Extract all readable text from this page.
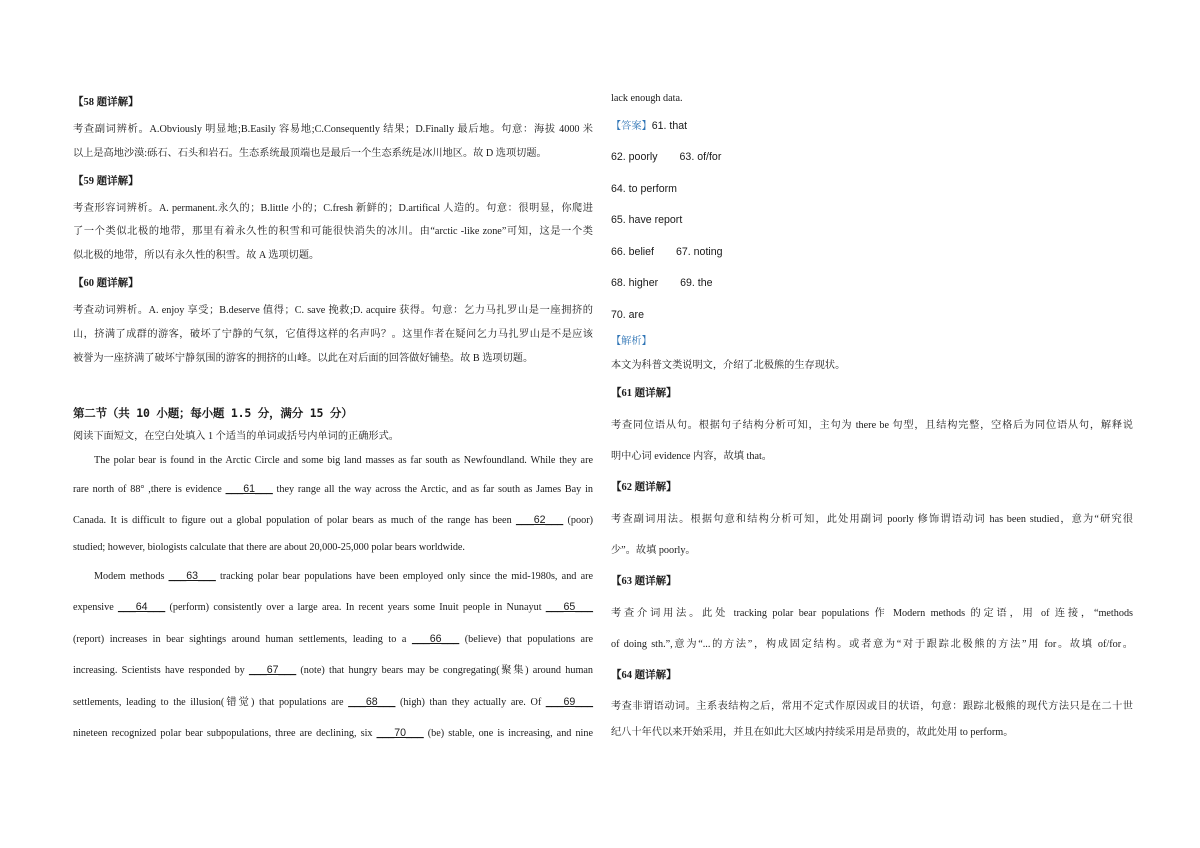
【58 题详解】
考查副词辨析。A.Obviously 明显地;B.Easily 容易地;C.Consequently 结果；D.Finally 最后地。句意：海拔 4000 米
以上是高地沙漠:砾石、石头和岩石。生态系统最顶端也是最后一个生态系统是冰川地区。故 D 选项切题。
【59 题详解】
考查形容词辨析。A. permanent.永久的；B.little 小的；C.fresh 新鲜的；D.artifical 人造的。句意：很明显，你爬进
了一个类似北极的地带，那里有着永久性的积雪和可能很快消失的冰川。由“arctic -like zone”可知，这是一个类
似北极的地带，所以有永久性的积雪。故 A 选项切题。
【60 题详解】
考查动词辨析。A. enjoy 享受；B.deserve 值得；C. save 挽救;D. acquire 获得。句意：乞力马扎罗山是一座拥挤的
山，挤满了成群的游客，破坏了宁静的气氛，它值得这样的名声吗？。这里作者在疑问乞力马扎罗山是不是应该
被誉为一座挤满了破坏宁静氛围的游客的拥挤的山峰。以此在对后面的回答做好铺垫。故 B 选项切题。
第二节（共 10 小题；每小题 1.5 分，满分 15 分）
阅读下面短文，在空白处填入 1 个适当的单词或括号内单词的正确形式。
The polar bear is found in the Arctic Circle and some big land masses as far south as Newfoundland. While they are
rare north of 88° ,there is evidence ___61___ they range all the way across the Arctic, and as far south as James Bay in
Canada. It is difficult to figure out a global population of polar bears as much of the range has been ___62___ (poor)
studied; however, biologists calculate that there are about 20,000-25,000 polar bears worldwide.
Modem methods ___63___ tracking polar bear populations have been employed only since the mid-1980s, and are
expensive ___64___ (perform) consistently over a large area. In recent years some Inuit people in Nunayut ___65___
(report) increases in bear sightings around human settlements, leading to a ___66___ (believe) that populations are
increasing. Scientists have responded by ___67___ (note) that hungry bears may be congregating(聚集) around human
settlements, leading to the illusion(错觉) that populations are ___68___ (high) than they actually are. Of ___69___
nineteen recognized polar bear subpopulations, three are declining, six ___70___ (be) stable, one is increasing, and nine
lack enough data.
【答案】61. that
62. poorly 63. of/for
64. to perform
65. have report
66. belief 67. noting
68. higher 69. the
70. are
【解析】
本文为科普文类说明文，介绍了北极熊的生存现状。
【61 题详解】
考查同位语从句。根据句子结构分析可知，主句为 there be 句型，且结构完整，空格后为同位语从句，解释说
明中心词 evidence 内容，故填 that。
【62 题详解】
考查副词用法。根据句意和结构分析可知，此处用副词 poorly 修饰谓语动词 has been studied，意为“研究很
少”。故填 poorly。
【63 题详解】
考查介词用法。此处 tracking polar bear populations 作 Modern methods 的定语，用 of 连接，“methods
of doing sth.”,意为“...的方法”，构成固定结构。或者意为“对于跟踪北极熊的方法”用 for。故填 of/for。
【64 题详解】
考查非谓语动词。主系表结构之后，常用不定式作原因或目的状语，句意：跟踪北极熊的现代方法只是在二十世
纪八十年代以来开始采用，并且在如此大区域内持续采用是昂贵的，故此处用 to perform。
